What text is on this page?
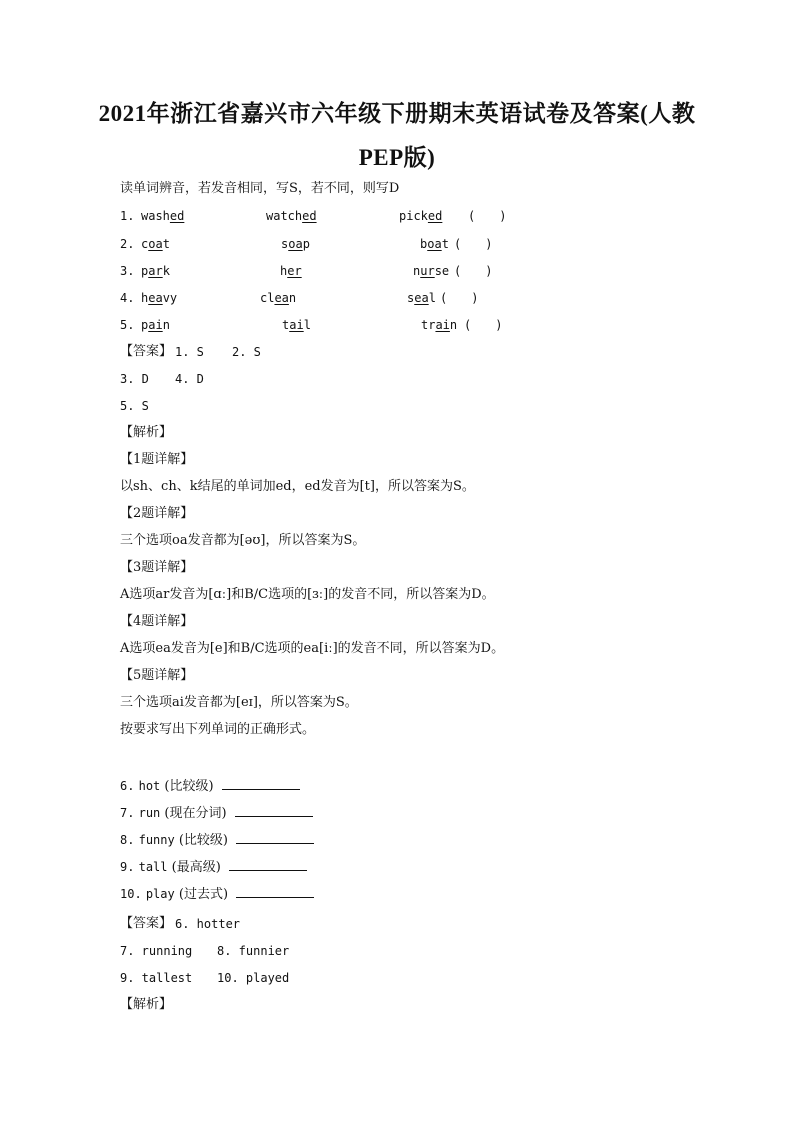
2021年浙江省嘉兴市六年级下册期末英语试卷及答案(人教
PEP版)
读单词辨音，若发音相同，写S，若不同，则写D
1. washed	watched	picked (　　)
2. coat	soap	boat (　　)
3. park	her	nurse (　　)
4. heavy	clean	seal (　　)
5. pain	tail	train (　　)
【答案】 1. S 2. S
3. D 4. D
5. S
【解析】
【1题详解】
以sh、ch、k结尾的单词加ed，ed发音为[t]，所以答案为S。
【2题详解】
三个选项oa发音都为[əʊ]，所以答案为S。
【3题详解】
A选项ar发音为[ɑː]和B/C选项的[ɜː]的发音不同，所以答案为D。
【4题详解】
A选项ea发音为[e]和B/C选项的ea[iː]的发音不同，所以答案为D。
【5题详解】
三个选项ai发音都为[eɪ]，所以答案为S。
按要求写出下列单词的正确形式。
6. hot (比较级)
7. run (现在分词)
8. funny (比较级)
9. tall (最高级)
10. play (过去式)
【答案】 6. hotter
7. running 8. funnier
9. tallest 10. played
【解析】
